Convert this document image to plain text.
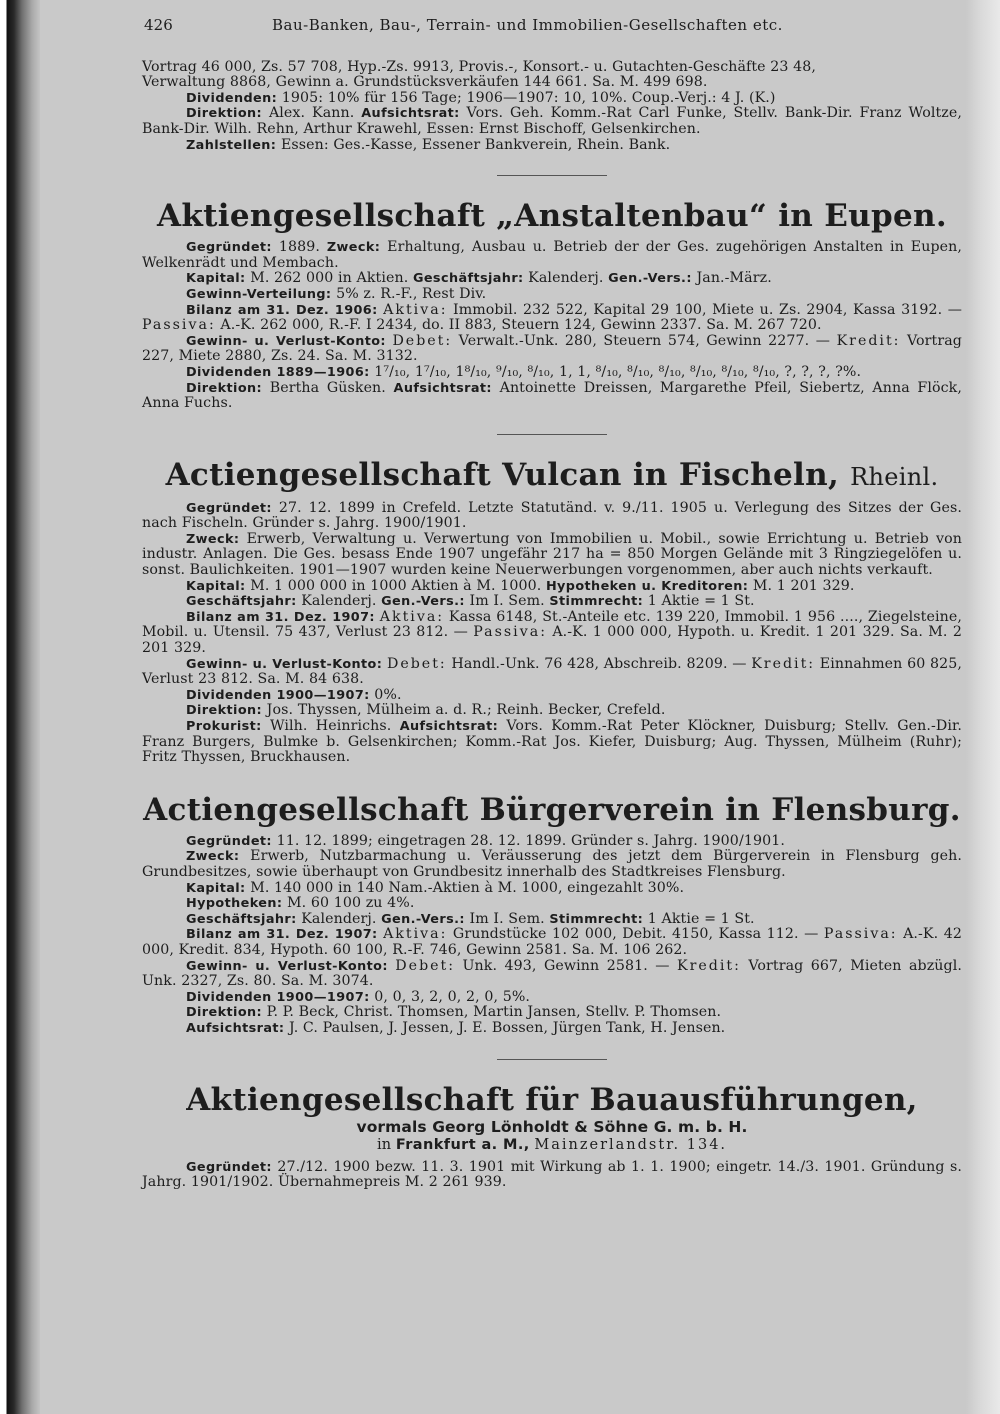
426	Bau-Banken, Bau-, Terrain- und Immobilien-Gesellschaften etc.

Vortrag 46 000, Zs. 57 708, Hyp.-Zs. 9913, Provis.-, Konsort.- u. Gutachten-Geschäfte 23 48,

Verwaltung 8868, Gewinn a. Grundstücksverkäufen 144 661. Sa. M. 499 698.

Dividenden: 1905: 10% für 156 Tage; 1906—1907: 10, 10%. Coup.-Verj.: 4 J. (K.)

Direktion: Alex. Kann. Aufsichtsrat: Vors. Geh. Komm.-Rat Carl Funke, Stellv. Bank-Dir. Franz Woltze, Bank-Dir. Wilh. Rehn, Arthur Krawehl, Essen: Ernst Bischoff, Gelsenkirchen.

Zahlstellen: Essen: Ges.-Kasse, Essener Bankverein, Rhein. Bank.

Aktiengesellschaft „Anstaltenbau“ in Eupen.

Gegründet: 1889. Zweck: Erhaltung, Ausbau u. Betrieb der der Ges. zugehörigen Anstalten in Eupen, Welkenrädt und Membach.

Kapital: M. 262 000 in Aktien. Geschäftsjahr: Kalenderj. Gen.-Vers.: Jan.-März.

Gewinn-Verteilung: 5% z. R.-F., Rest Div.

Bilanz am 31. Dez. 1906: Aktiva: Immobil. 232 522, Kapital 29 100, Miete u. Zs. 2904, Kassa 3192. — Passiva: A.-K. 262 000, R.-F. I 2434, do. II 883, Steuern 124, Gewinn 2337. Sa. M. 267 720.

Gewinn- u. Verlust-Konto: Debet: Verwalt.-Unk. 280, Steuern 574, Gewinn 2277. — Kredit: Vortrag 227, Miete 2880, Zs. 24. Sa. M. 3132.

Dividenden 1889—1906: 1⁷/₁₀, 1⁷/₁₀, 1⁸/₁₀, ⁹/₁₀, ⁸/₁₀, 1, 1, ⁸/₁₀, ⁸/₁₀, ⁸/₁₀, ⁸/₁₀, ⁸/₁₀, ⁸/₁₀, ?, ?, ?, ?%.

Direktion: Bertha Güsken. Aufsichtsrat: Antoinette Dreissen, Margarethe Pfeil, Siebertz, Anna Flöck, Anna Fuchs.

Actiengesellschaft Vulcan in Fischeln, Rheinl.

Gegründet: 27. 12. 1899 in Crefeld. Letzte Statutänd. v. 9./11. 1905 u. Verlegung des Sitzes der Ges. nach Fischeln. Gründer s. Jahrg. 1900/1901.

Zweck: Erwerb, Verwaltung u. Verwertung von Immobilien u. Mobil., sowie Errichtung u. Betrieb von industr. Anlagen. Die Ges. besass Ende 1907 ungefähr 217 ha = 850 Morgen Gelände mit 3 Ringziegelöfen u. sonst. Baulichkeiten. 1901—1907 wurden keine Neuerwerbungen vorgenommen, aber auch nichts verkauft.

Kapital: M. 1 000 000 in 1000 Aktien à M. 1000. Hypotheken u. Kreditoren: M. 1 201 329.

Geschäftsjahr: Kalenderj. Gen.-Vers.: Im I. Sem. Stimmrecht: 1 Aktie = 1 St.

Bilanz am 31. Dez. 1907: Aktiva: Kassa 6148, St.-Anteile etc. 139 220, Immobil. 1 956 ...., Ziegelsteine, Mobil. u. Utensil. 75 437, Verlust 23 812. — Passiva: A.-K. 1 000 000, Hypoth. u. Kredit. 1 201 329. Sa. M. 2 201 329.

Gewinn- u. Verlust-Konto: Debet: Handl.-Unk. 76 428, Abschreib. 8209. — Kredit: Einnahmen 60 825, Verlust 23 812. Sa. M. 84 638.

Dividenden 1900—1907: 0%.

Direktion: Jos. Thyssen, Mülheim a. d. R.; Reinh. Becker, Crefeld.

Prokurist: Wilh. Heinrichs. Aufsichtsrat: Vors. Komm.-Rat Peter Klöckner, Duisburg; Stellv. Gen.-Dir. Franz Burgers, Bulmke b. Gelsenkirchen; Komm.-Rat Jos. Kiefer, Duisburg; Aug. Thyssen, Mülheim (Ruhr); Fritz Thyssen, Bruckhausen.

Actiengesellschaft Bürgerverein in Flensburg.

Gegründet: 11. 12. 1899; eingetragen 28. 12. 1899. Gründer s. Jahrg. 1900/1901.

Zweck: Erwerb, Nutzbarmachung u. Veräusserung des jetzt dem Bürgerverein in Flensburg geh. Grundbesitzes, sowie überhaupt von Grundbesitz innerhalb des Stadtkreises Flensburg.

Kapital: M. 140 000 in 140 Nam.-Aktien à M. 1000, eingezahlt 30%.

Hypotheken: M. 60 100 zu 4%.

Geschäftsjahr: Kalenderj. Gen.-Vers.: Im I. Sem. Stimmrecht: 1 Aktie = 1 St.

Bilanz am 31. Dez. 1907: Aktiva: Grundstücke 102 000, Debit. 4150, Kassa 112. — Passiva: A.-K. 42 000, Kredit. 834, Hypoth. 60 100, R.-F. 746, Gewinn 2581. Sa. M. 106 262.

Gewinn- u. Verlust-Konto: Debet: Unk. 493, Gewinn 2581. — Kredit: Vortrag 667, Mieten abzügl. Unk. 2327, Zs. 80. Sa. M. 3074.

Dividenden 1900—1907: 0, 0, 3, 2, 0, 2, 0, 5%.

Direktion: P. P. Beck, Christ. Thomsen, Martin Jansen, Stellv. P. Thomsen.

Aufsichtsrat: J. C. Paulsen, J. Jessen, J. E. Bossen, Jürgen Tank, H. Jensen.

Aktiengesellschaft für Bauausführungen,
vormals Georg Lönholdt & Söhne G. m. b. H.
in Frankfurt a. M., Mainzerlandstr. 134.

Gegründet: 27./12. 1900 bezw. 11. 3. 1901 mit Wirkung ab 1. 1. 1900; eingetr. 14./3. 1901. Gründung s. Jahrg. 1901/1902. Übernahmepreis M. 2 261 939.
